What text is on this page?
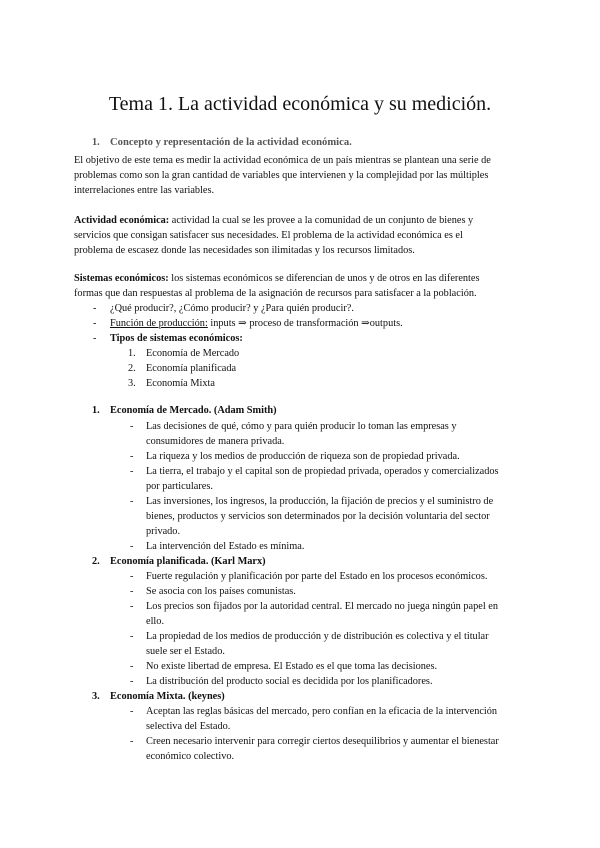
Tema 1. La actividad económica y su medición.
1. Concepto y representación de la actividad económica.
El objetivo de este tema es medir la actividad económica de un país mientras se plantean una serie de
problemas como son la gran cantidad de variables que intervienen y la complejidad por las múltiples
interrelaciones entre las variables.
Actividad económica: actividad la cual se les provee a la comunidad de un conjunto de bienes y
servicios que consigan satisfacer sus necesidades. El problema de la actividad económica es el
problema de escasez donde las necesidades son ilimitadas y los recursos limitados.
Sistemas económicos: los sistemas económicos se diferencian de unos y de otros en las diferentes
formas que dan respuestas al problema de la asignación de recursos para satisfacer a la población.
- ¿Qué producir?, ¿Cómo producir? y ¿Para quién producir?.
- Función de producción: inputs ⇒ proceso de transformación ⇒outputs.
- Tipos de sistemas económicos:
1. Economía de Mercado
2. Economía planificada
3. Economía Mixta
1. Economía de Mercado. (Adam Smith)
- Las decisiones de qué, cómo y para quién producir lo toman las empresas y
consumidores de manera privada.
- La riqueza y los medios de producción de riqueza son de propiedad privada.
- La tierra, el trabajo y el capital son de propiedad privada, operados y comercializados
por particulares.
- Las inversiones, los ingresos, la producción, la fijación de precios y el suministro de
bienes, productos y servicios son determinados por la decisión voluntaria del sector
privado.
- La intervención del Estado es mínima.
2. Economía planificada. (Karl Marx)
- Fuerte regulación y planificación por parte del Estado en los procesos económicos.
- Se asocia con los países comunistas.
- Los precios son fijados por la autoridad central. El mercado no juega ningún papel en
ello.
- La propiedad de los medios de producción y de distribución es colectiva y el titular
suele ser el Estado.
- No existe libertad de empresa. El Estado es el que toma las decisiones.
- La distribución del producto social es decidida por los planificadores.
3. Economía Mixta. (keynes)
- Aceptan las reglas básicas del mercado, pero confían en la eficacia de la intervención
selectiva del Estado.
- Creen necesario intervenir para corregir ciertos desequilibrios y aumentar el bienestar
económico colectivo.
